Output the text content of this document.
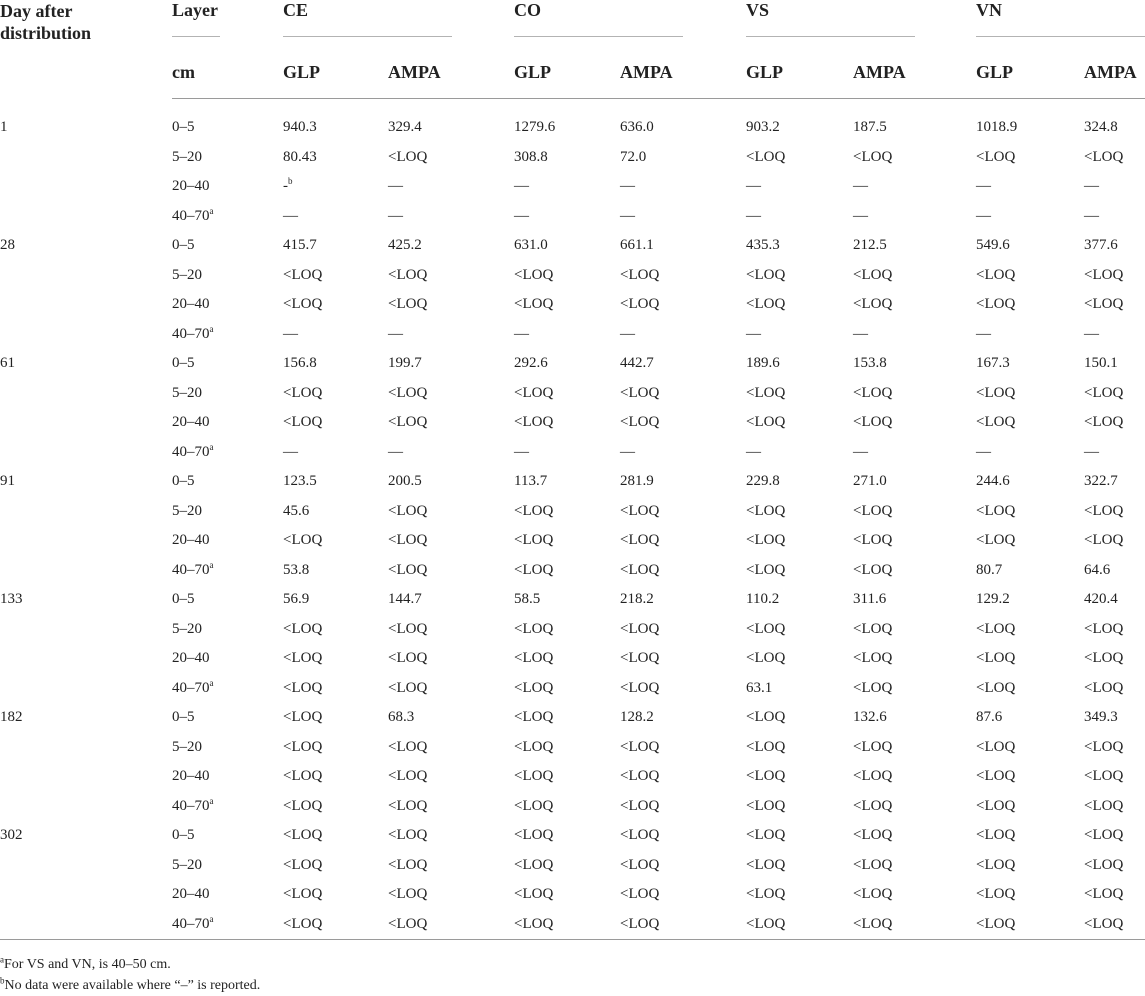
Day after
distribution	Layer	CE		CO		VS		VN	

	cm	GLP	AMPA	GLP	AMPA	GLP	AMPA	GLP	AMPA

1	0–5	940.3	329.4	1279.6	636.0	903.2	187.5	1018.9	324.8
	5–20	80.43	<LOQ	308.8	72.0	<LOQ	<LOQ	<LOQ	<LOQ
	20–40	-$^b$	—	—	—	—	—	—	—
	40–70$^a$	—	—	—	—	—	—	—	—
28	0–5	415.7	425.2	631.0	661.1	435.3	212.5	549.6	377.6
	5–20	<LOQ	<LOQ	<LOQ	<LOQ	<LOQ	<LOQ	<LOQ	<LOQ
	20–40	<LOQ	<LOQ	<LOQ	<LOQ	<LOQ	<LOQ	<LOQ	<LOQ
	40–70$^a$	—	—	—	—	—	—	—	—
61	0–5	156.8	199.7	292.6	442.7	189.6	153.8	167.3	150.1
	5–20	<LOQ	<LOQ	<LOQ	<LOQ	<LOQ	<LOQ	<LOQ	<LOQ
	20–40	<LOQ	<LOQ	<LOQ	<LOQ	<LOQ	<LOQ	<LOQ	<LOQ
	40–70$^a$	—	—	—	—	—	—	—	—
91	0–5	123.5	200.5	113.7	281.9	229.8	271.0	244.6	322.7
	5–20	45.6	<LOQ	<LOQ	<LOQ	<LOQ	<LOQ	<LOQ	<LOQ
	20–40	<LOQ	<LOQ	<LOQ	<LOQ	<LOQ	<LOQ	<LOQ	<LOQ
	40–70$^a$	53.8	<LOQ	<LOQ	<LOQ	<LOQ	<LOQ	80.7	64.6
133	0–5	56.9	144.7	58.5	218.2	110.2	311.6	129.2	420.4
	5–20	<LOQ	<LOQ	<LOQ	<LOQ	<LOQ	<LOQ	<LOQ	<LOQ
	20–40	<LOQ	<LOQ	<LOQ	<LOQ	<LOQ	<LOQ	<LOQ	<LOQ
	$40-70^a$	<LOQ	<LOQ	<LOQ	<LOQ	63.1	<LOQ	<LOQ	<LOQ
182	0–5	<LOQ	68.3	<LOQ	128.2	<LOQ	132.6	87.6	349.3
	5–20	<LOQ	<LOQ	<LOQ	<LOQ	<LOQ	<LOQ	<LOQ	<LOQ
	20–40	<LOQ	<LOQ	<LOQ	<LOQ	<LOQ	<LOQ	<LOQ	<LOQ
	$40-70^a$	<LOQ	<LOQ	<LOQ	<LOQ	<LOQ	<LOQ	<LOQ	<LOQ
302	0–5	<LOQ	<LOQ	<LOQ	<LOQ	<LOQ	<LOQ	<LOQ	<LOQ
	5–20	<LOQ	<LOQ	<LOQ	<LOQ	<LOQ	<LOQ	<LOQ	<LOQ
	20–40	<LOQ	<LOQ	<LOQ	<LOQ	<LOQ	<LOQ	<LOQ	<LOQ
	$40-70^a$	<LOQ	<LOQ	<LOQ	<LOQ	<LOQ	<LOQ	<LOQ	<LOQ
$^a$For VS and VN, is 40–50 cm.
$^b$No data were available where “–” is reported.
